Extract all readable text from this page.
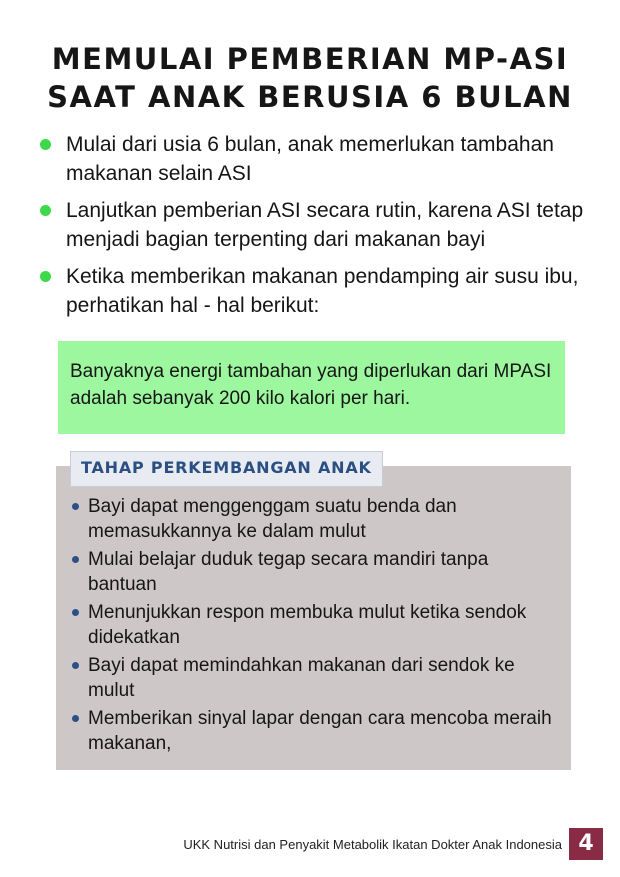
MEMULAI PEMBERIAN MP-ASI
SAAT ANAK BERUSIA 6 BULAN
Mulai dari usia 6 bulan, anak memerlukan tambahan makanan selain ASI
Lanjutkan pemberian ASI secara rutin, karena ASI tetap menjadi bagian terpenting dari makanan bayi
Ketika memberikan makanan pendamping air susu ibu, perhatikan hal - hal berikut:
Banyaknya energi tambahan yang diperlukan dari MPASI adalah sebanyak 200 kilo kalori per hari.
TAHAP PERKEMBANGAN ANAK
Bayi dapat menggenggam suatu benda dan memasukkannya ke dalam mulut
Mulai belajar duduk tegap secara mandiri tanpa bantuan
Menunjukkan respon membuka mulut ketika sendok didekatkan
Bayi dapat memindahkan makanan dari sendok ke mulut
Memberikan sinyal lapar dengan cara mencoba meraih makanan,
UKK Nutrisi dan Penyakit Metabolik Ikatan Dokter Anak Indonesia 4
